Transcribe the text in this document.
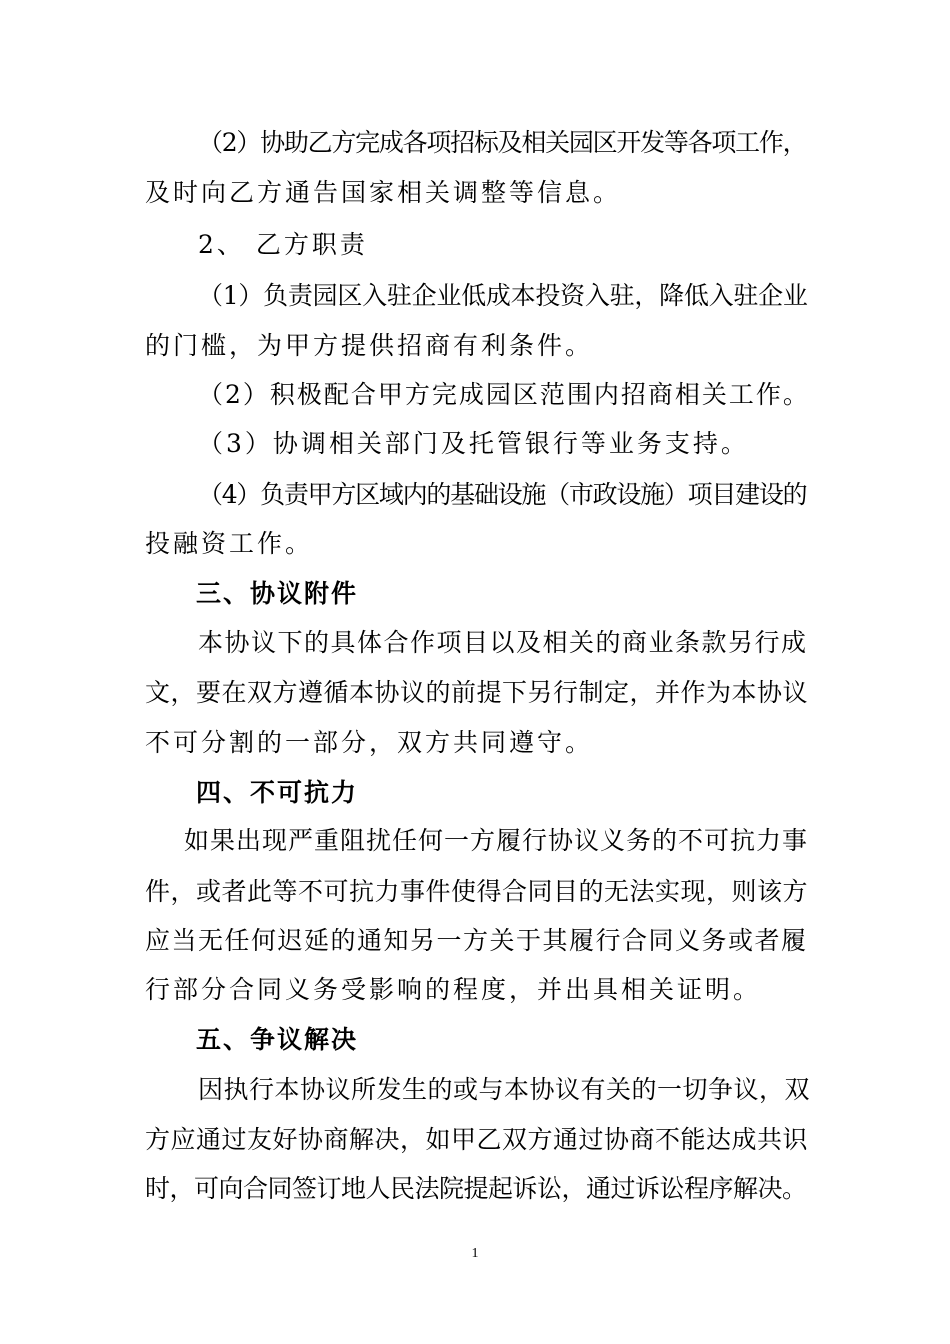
（2）协助乙方完成各项招标及相关园区开发等各项工作，
及时向乙方通告国家相关调整等信息。
2、 乙方职责
（1）负责园区入驻企业低成本投资入驻，降低入驻企业
的门槛，为甲方提供招商有利条件。
（2）积极配合甲方完成园区范围内招商相关工作。
（3）协调相关部门及托管银行等业务支持。
（4）负责甲方区域内的基础设施（市政设施）项目建设的
投融资工作。
三、协议附件
本协议下的具体合作项目以及相关的商业条款另行成
文，要在双方遵循本协议的前提下另行制定，并作为本协议
不可分割的一部分，双方共同遵守。
四、不可抗力
如果出现严重阻扰任何一方履行协议义务的不可抗力事
件，或者此等不可抗力事件使得合同目的无法实现，则该方
应当无任何迟延的通知另一方关于其履行合同义务或者履
行部分合同义务受影响的程度，并出具相关证明。
五、争议解决
因执行本协议所发生的或与本协议有关的一切争议，双
方应通过友好协商解决，如甲乙双方通过协商不能达成共识
时，可向合同签订地人民法院提起诉讼，通过诉讼程序解决。
1
